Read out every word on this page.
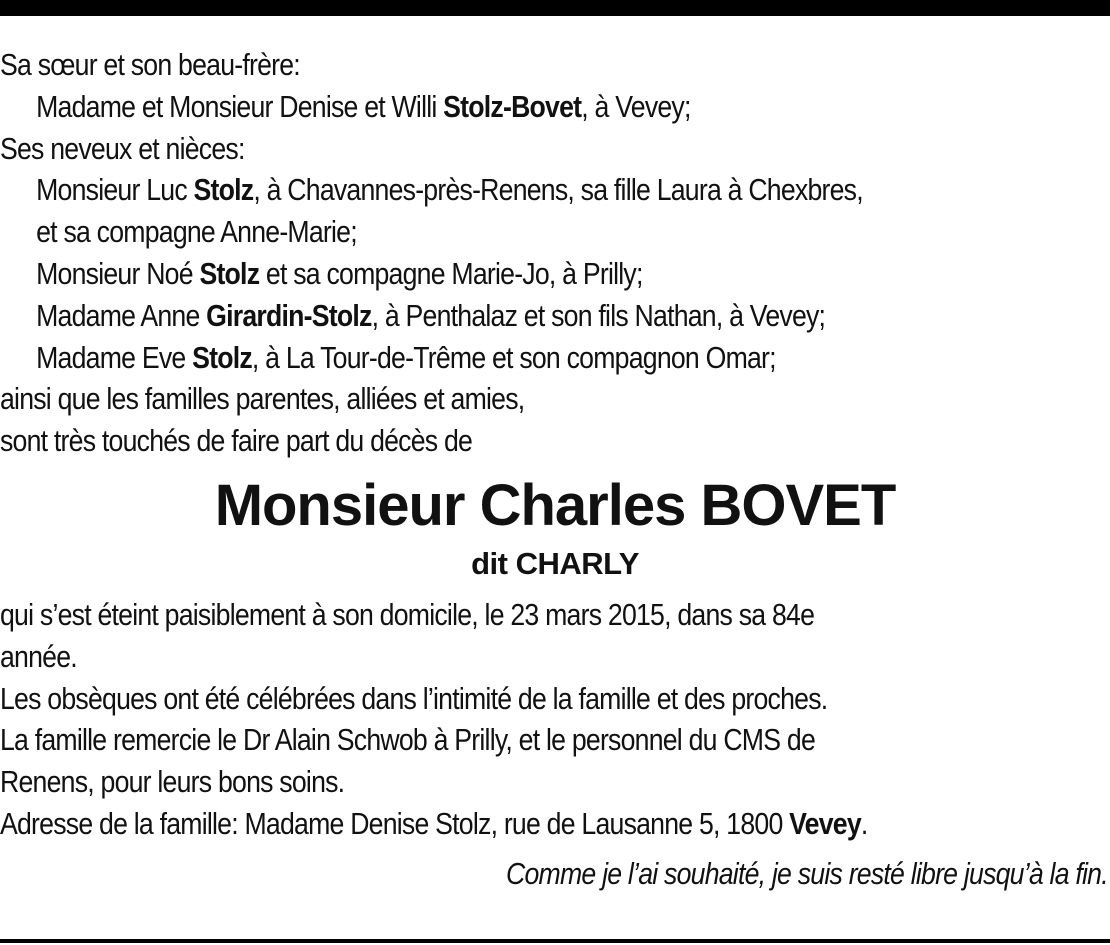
Sa sœur et son beau-frère:
Madame et Monsieur Denise et Willi Stolz-Bovet, à Vevey;
Ses neveux et nièces:
Monsieur Luc Stolz, à Chavannes-près-Renens, sa fille Laura à Chexbres,
et sa compagne Anne-Marie;
Monsieur Noé Stolz et sa compagne Marie-Jo, à Prilly;
Madame Anne Girardin-Stolz, à Penthalaz et son fils Nathan, à Vevey;
Madame Eve Stolz, à La Tour-de-Trême et son compagnon Omar;
ainsi que les familles parentes, alliées et amies,
sont très touchés de faire part du décès de
Monsieur Charles BOVET
dit CHARLY
qui s’est éteint paisiblement à son domicile, le 23 mars 2015, dans sa 84e
année.
Les obsèques ont été célébrées dans l’intimité de la famille et des proches.
La famille remercie le Dr Alain Schwob à Prilly, et le personnel du CMS de
Renens, pour leurs bons soins.
Adresse de la famille: Madame Denise Stolz, rue de Lausanne 5, 1800 Vevey.
Comme je l’ai souhaité, je suis resté libre jusqu’à la fin.
